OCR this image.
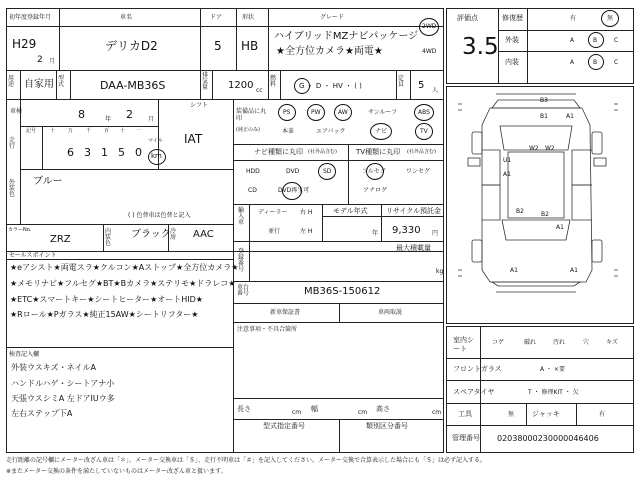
初年度登録年月
H29
2 月
車名
デリカD2
ドア
5
形状
HB
グレード
ハイブリッドMZナビパッケージ
★全方位カメラ★両電★
2WD
4WD
用途 自家用
型式	DAA-MB36S
排気量 1200 cc
燃料	G ・ D ・ HV ・ ( )
定員 5 人
車検	8	年 2	月
シフト
IAT
走行
記号	十	万	千	百 十 一
6 3 1 5 0
マイル
km
外装色
ブルー
( ) 色替車は色替と記入
カラーNo.
ZRZ
内装色
ブラック 冷房 AAC
装備品に丸印
(純正のみ)
PS	PW	AW	サンルーフ	ABS
本革	エアバック	ナビ	TV
ナビ種類に丸印 (社外品含む)
HDD	DVD	SD
CD	DVD再生可
TV種類に丸印 (社外品含む)
フルセグ	ワンセグ
アナログ
輸入車
ディーラー
並行
右 H
左 H
モデル年式
年
リサイクル預託金
9,330 円
最大積載量
登録番号	kg
セールスポイント
★eアシスト★両電スラ★クルコン★Aストップ★全方位カメラ★
★メモリナビ★フルセグ★BT★Bカメラ★ステリモ★ドラレコ★
★ETC★スマートキー★シートヒーター★オートHID★
★Rロール★Pガラス★純正15AW★シートリフター★
車台番号	MB36S-150612
新車保証書	車両取説
注意事項・不具合箇所
検査記入欄
外装ウスキズ・ネイルA
ハンドルハゲ・シートアナ小
天張ウスシミA 左ドアIUウ多
左右ステップ下A	長さ	cm 幅	cm 高さ	cm
型式指定番号	類別区分番号
評価点
3.5
修復歴	有	無
外装	A	B	C
内装	A	B	C
B3
B1	A1
U1
A1
W2 W2
B2
A1
B2
A1	A1
室内シート
コゲ	破れ	汚れ	穴	キズ
フロントガラス	A ・ ×要
スペアタイヤ	T ・ 修理KIT ・ 欠
工具	無	ジャッキ	有
管理番号 02038000230000046406
走行距離の記号欄にメーター改ざん車は「＊」、メーター交換車は「＄」、走行不明車は「＃」を記入してください。メーター交換で合算表示した場合にも「＄」は必ず記入する。
※またメーター交換の条件を満たしていないものはメーター改ざん車と扱います。
